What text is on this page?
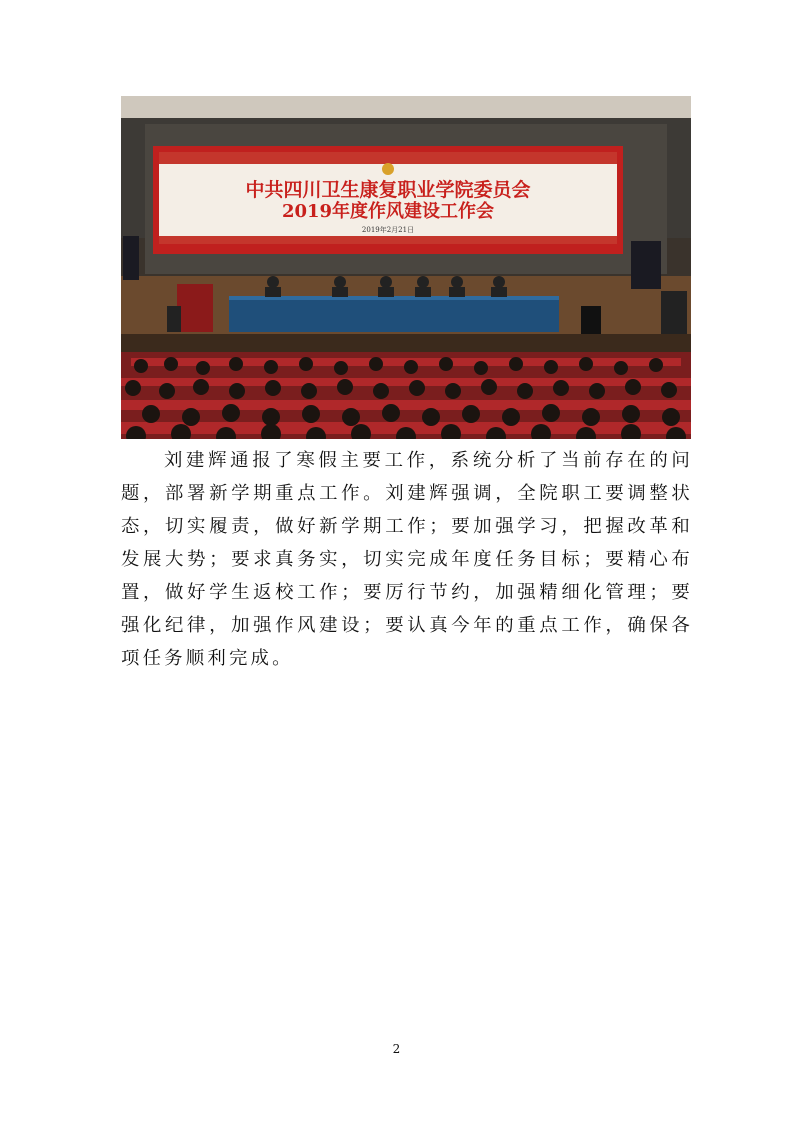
中共四川卫生康复职业学院委员会
2019年度作风建设工作会
2019年2月21日

刘建辉通报了寒假主要工作，系统分析了当前存在的问题，部署新学期重点工作。刘建辉强调，全院职工要调整状态，切实履责，做好新学期工作；要加强学习，把握改革和发展大势；要求真务实，切实完成年度任务目标；要精心布置，做好学生返校工作；要厉行节约，加强精细化管理；要强化纪律，加强作风建设；要认真今年的重点工作，确保各项任务顺利完成。

2
